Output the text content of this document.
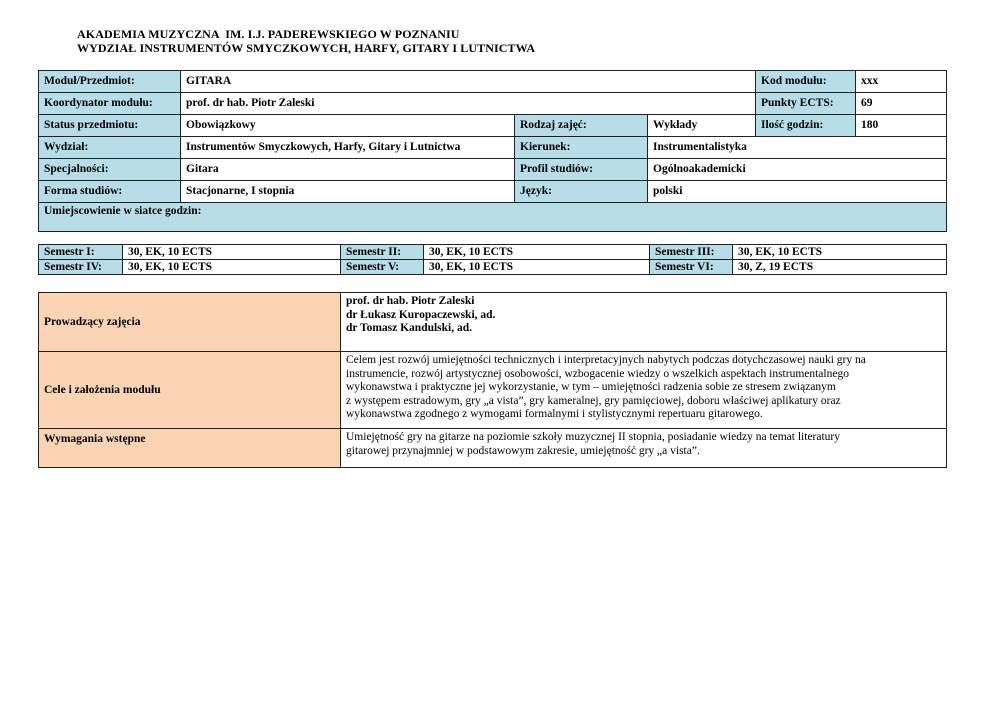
AKADEMIA MUZYCZNA  IM. I.J. PADEREWSKIEGO W POZNANIU
WYDZIAŁ INSTRUMENTÓW SMYCZKOWYCH, HARFY, GITARY I LUTNICTWA
Moduł/Przedmiot:	GITARA			Kod modułu:	xxx
Koordynator modułu:	prof. dr hab. Piotr Zaleski			Punkty ECTS:	69
Status przedmiotu:	Obowiązkowy	Rodzaj zajęć:	Wykłady	Ilość godzin:	180
Wydział:	Instrumentów Smyczkowych, Harfy, Gitary i Lutnictwa	Kierunek:	Instrumentalistyka		
Specjalności:	Gitara	Profil studiów:	Ogólnoakademicki		
Forma studiów:	Stacjonarne, I stopnia	Język:	polski		
Umiejscowienie w siatce godzin:					
Semestr I:	30, EK, 10 ECTS	Semestr II:	30, EK, 10 ECTS	Semestr III:	30, EK, 10 ECTS
Semestr IV:	30, EK, 10 ECTS	Semestr V:	30, EK, 10 ECTS	Semestr VI:	30, Z, 19 ECTS
Prowadzący zajęcia	prof. dr hab. Piotr Zaleski
dr Łukasz Kuropaczewski, ad.
dr Tomasz Kandulski, ad.

Cele i założenia modułu	Celem jest rozwój umiejętności technicznych i interpretacyjnych nabytych podczas dotychczasowej nauki gry na
instrumencie, rozwój artystycznej osobowości, wzbogacenie wiedzy o wszelkich aspektach instrumentalnego
wykonawstwa i praktyczne jej wykorzystanie, w tym – umiejętności radzenia sobie ze stresem związanym
z występem estradowym, gry „a vista”, gry kameralnej, gry pamięciowej, doboru właściwej aplikatury oraz
wykonawstwa zgodnego z wymogami formalnymi i stylistycznymi repertuaru gitarowego.

Wymagania wstępne	Umiejętność gry na gitarze na poziomie szkoły muzycznej II stopnia, posiadanie wiedzy na temat literatury
gitarowej przynajmniej w podstawowym zakresie, umiejętność gry „a vista”.
